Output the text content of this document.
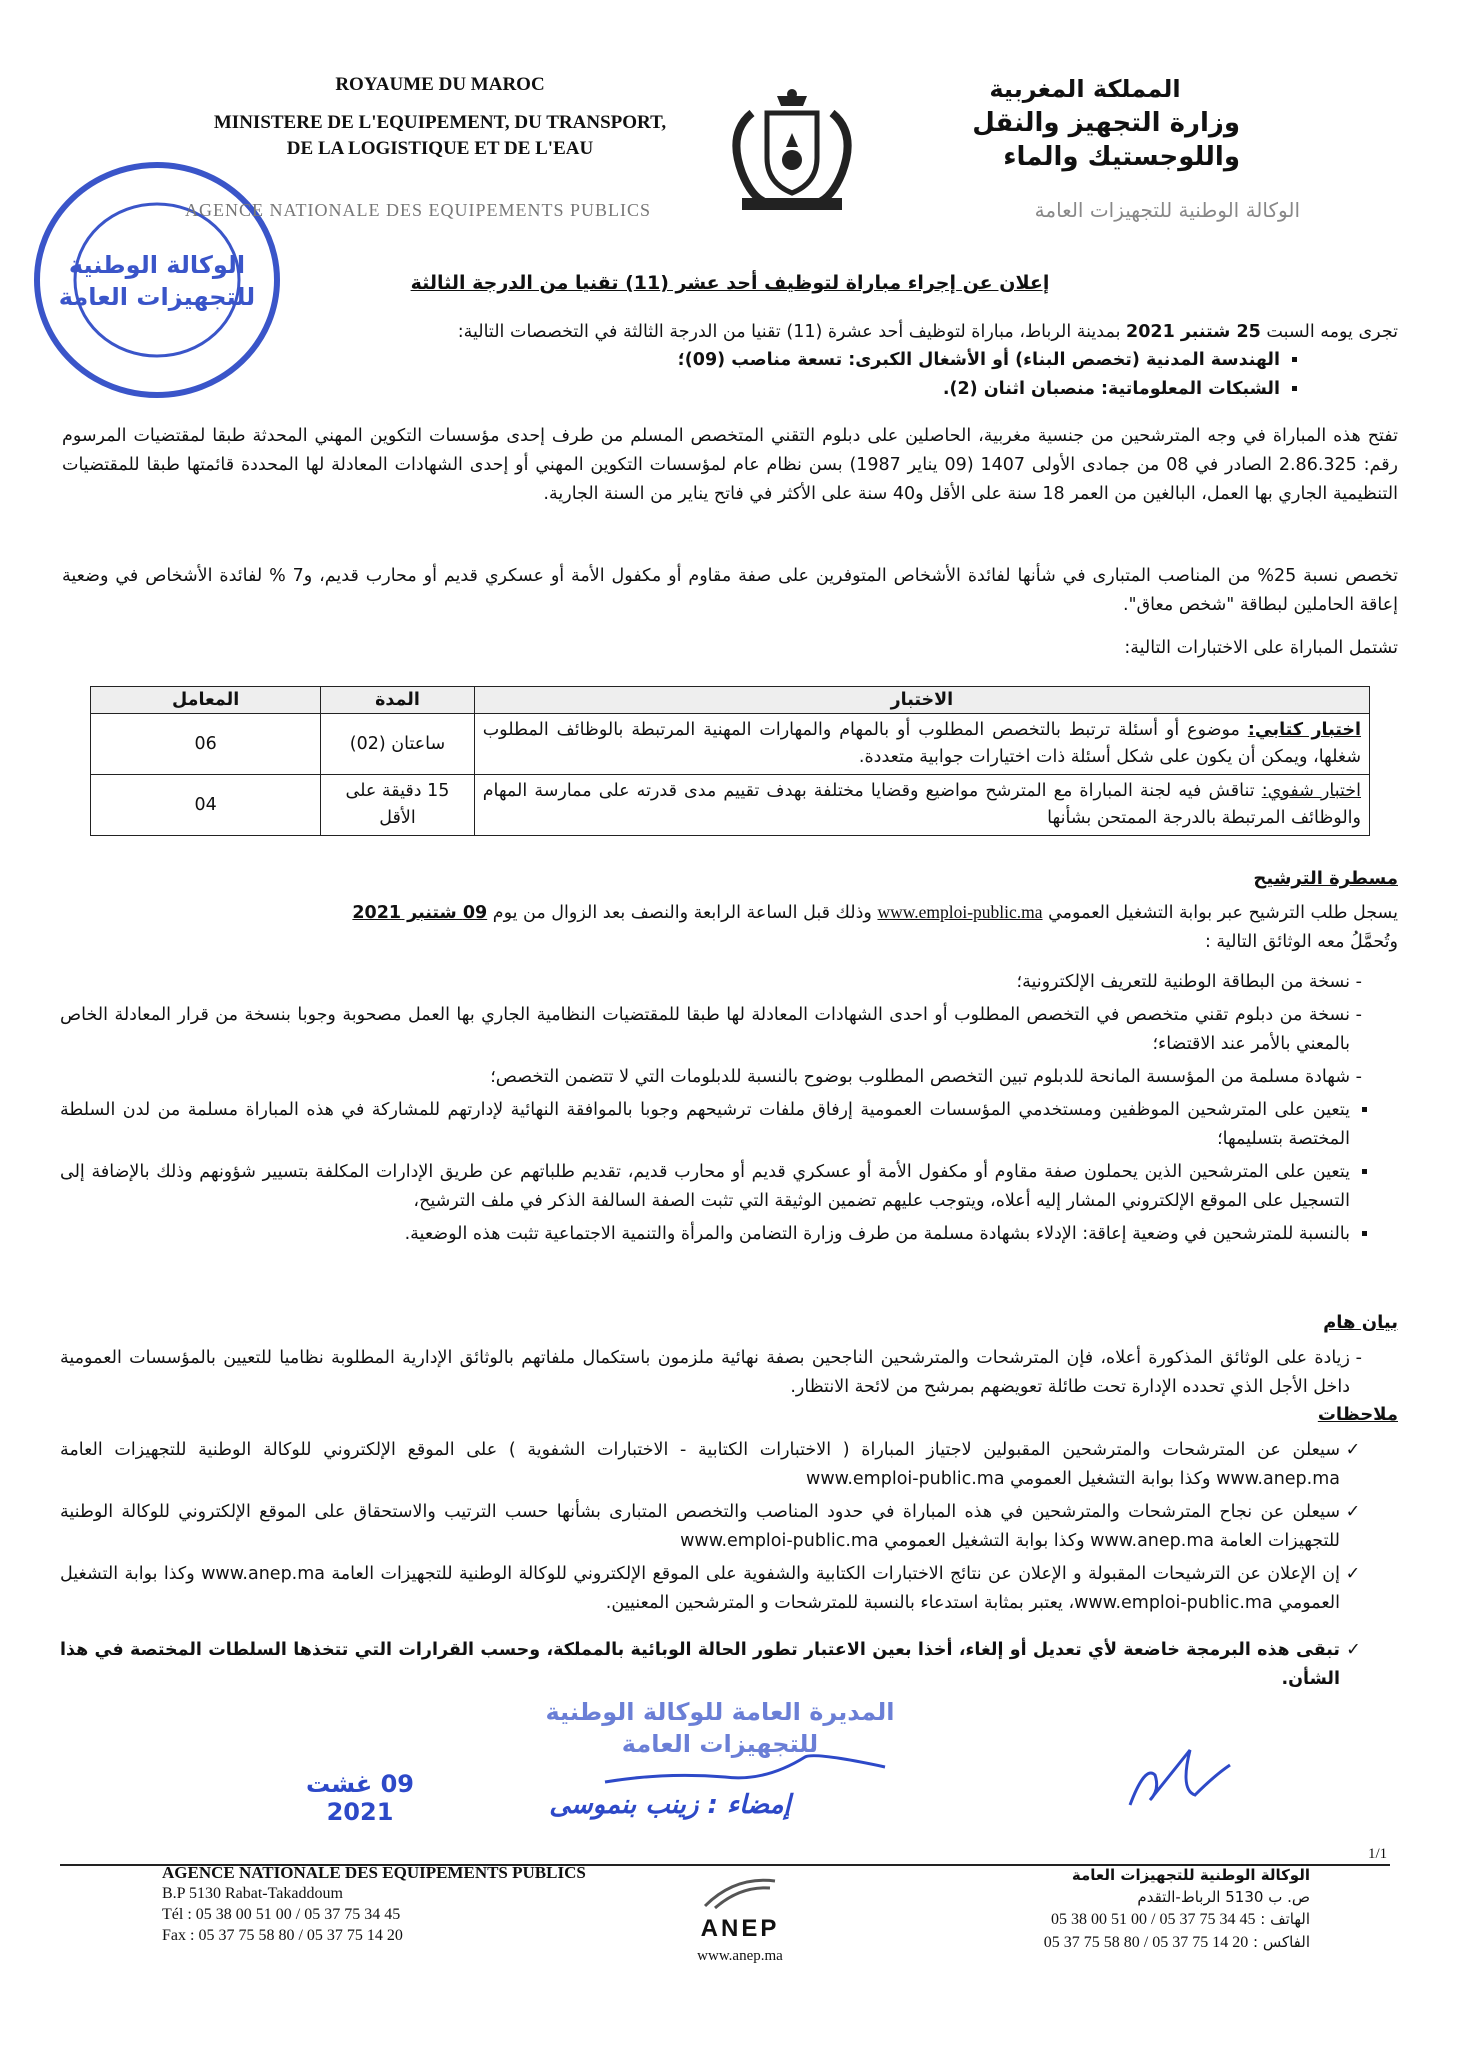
الوكالة الوطنية
للتجهيزات العامة
ROYAUME DU MAROC
MINISTERE DE L'EQUIPEMENT, DU TRANSPORT,
DE LA LOGISTIQUE ET DE L'EAU
AGENCE NATIONALE DES EQUIPEMENTS PUBLICS
المملكة المغربية
وزارة التجهيز والنقل
واللوجستيك والماء
الوكالة الوطنية للتجهيزات العامة
إعلان عن إجراء مباراة لتوظيف أحد عشر (11) تقنيا من الدرجة الثالثة
تجرى يومه السبت 25 شتنبر 2021 بمدينة الرباط، مباراة لتوظيف أحد عشرة (11) تقنيا من الدرجة الثالثة في التخصصات التالية:
▪ الهندسة المدنية (تخصص البناء) أو الأشغال الكبرى: تسعة مناصب (09)؛
▪ الشبكات المعلوماتية: منصبان اثنان (2).
تفتح هذه المباراة في وجه المترشحين من جنسية مغربية، الحاصلين على دبلوم التقني المتخصص المسلم من طرف إحدى مؤسسات التكوين المهني المحدثة طبقا لمقتضيات المرسوم رقم: 2.86.325 الصادر في 08 من جمادى الأولى 1407 (09 يناير 1987) بسن نظام عام لمؤسسات التكوين المهني أو إحدى الشهادات المعادلة لها المحددة قائمتها طبقا للمقتضيات التنظيمية الجاري بها العمل، البالغين من العمر 18 سنة على الأقل و40 سنة على الأكثر في فاتح يناير من السنة الجارية.
تخصص نسبة 25% من المناصب المتبارى في شأنها لفائدة الأشخاص المتوفرين على صفة مقاوم أو مكفول الأمة أو عسكري قديم أو محارب قديم، و7 % لفائدة الأشخاص في وضعية إعاقة الحاملين لبطاقة "شخص معاق".
تشتمل المباراة على الاختبارات التالية:
الاختبار	المدة	المعامل
اختبار كتابي: موضوع أو أسئلة ترتبط بالتخصص المطلوب أو بالمهام والمهارات المهنية المرتبطة بالوظائف المطلوب شغلها، ويمكن أن يكون على شكل أسئلة ذات اختيارات جوابية متعددة.	ساعتان (02)	06
اختبار شفوي: تناقش فيه لجنة المباراة مع المترشح مواضيع وقضايا مختلفة بهدف تقييم مدى قدرته على ممارسة المهام والوظائف المرتبطة بالدرجة الممتحن بشأنها	15 دقيقة على الأقل	04
مسطرة الترشيح
يسجل طلب الترشيح عبر بوابة التشغيل العمومي www.emploi-public.ma وذلك قبل الساعة الرابعة والنصف بعد الزوال من يوم 09 شتنبر 2021
وتُحمَّلُ معه الوثائق التالية :
- نسخة من البطاقة الوطنية للتعريف الإلكترونية؛
- نسخة من دبلوم تقني متخصص في التخصص المطلوب أو احدى الشهادات المعادلة لها طبقا للمقتضيات النظامية الجاري بها العمل مصحوبة وجوبا بنسخة من قرار المعادلة الخاص بالمعني بالأمر عند الاقتضاء؛
- شهادة مسلمة من المؤسسة المانحة للدبلوم تبين التخصص المطلوب بوضوح بالنسبة للدبلومات التي لا تتضمن التخصص؛
▪ يتعين على المترشحين الموظفين ومستخدمي المؤسسات العمومية إرفاق ملفات ترشيحهم وجوبا بالموافقة النهائية لإدارتهم للمشاركة في هذه المباراة مسلمة من لدن السلطة المختصة بتسليمها؛
▪ يتعين على المترشحين الذين يحملون صفة مقاوم أو مكفول الأمة أو عسكري قديم أو محارب قديم، تقديم طلباتهم عن طريق الإدارات المكلفة بتسيير شؤونهم وذلك بالإضافة إلى التسجيل على الموقع الإلكتروني المشار إليه أعلاه، ويتوجب عليهم تضمين الوثيقة التي تثبت الصفة السالفة الذكر في ملف الترشيح،
▪ بالنسبة للمترشحين في وضعية إعاقة: الإدلاء بشهادة مسلمة من طرف وزارة التضامن والمرأة والتنمية الاجتماعية تثبت هذه الوضعية.
بيان هام
- زيادة على الوثائق المذكورة أعلاه، فإن المترشحات والمترشحين الناجحين بصفة نهائية ملزمون باستكمال ملفاتهم بالوثائق الإدارية المطلوبة نظاميا للتعيين بالمؤسسات العمومية داخل الأجل الذي تحدده الإدارة تحت طائلة تعويضهم بمرشح من لائحة الانتظار.
ملاحظات
✓ سيعلن عن المترشحات والمترشحين المقبولين لاجتياز المباراة ( الاختبارات الكتابية - الاختبارات الشفوية ) على الموقع الإلكتروني للوكالة الوطنية للتجهيزات العامة www.anep.ma وكذا بوابة التشغيل العمومي www.emploi-public.ma
✓ سيعلن عن نجاح المترشحات والمترشحين في هذه المباراة في حدود المناصب والتخصص المتبارى بشأنها حسب الترتيب والاستحقاق على الموقع الإلكتروني للوكالة الوطنية للتجهيزات العامة www.anep.ma وكذا بوابة التشغيل العمومي www.emploi-public.ma
✓ إن الإعلان عن الترشيحات المقبولة و الإعلان عن نتائج الاختبارات الكتابية والشفوية على الموقع الإلكتروني للوكالة الوطنية للتجهيزات العامة www.anep.ma وكذا بوابة التشغيل العمومي www.emploi-public.ma، يعتبر بمثابة استدعاء بالنسبة للمترشحات و المترشحين المعنيين.
✓ تبقى هذه البرمجة خاضعة لأي تعديل أو إلغاء، أخذا بعين الاعتبار تطور الحالة الوبائية بالمملكة، وحسب القرارات التي تتخذها السلطات المختصة في هذا الشأن.
المديرة العامة للوكالة الوطنية
للتجهيزات العامة
09 غشت 2021	إمضاء : زينب بنموسى
1/1
AGENCE NATIONALE DES EQUIPEMENTS PUBLICS
B.P 5130 Rabat-Takaddoum
Tél : 05 38 00 51 00 / 05 37 75 34 45
Fax : 05 37 75 58 80 / 05 37 75 14 20	ANEP
www.anep.ma
الوكالة الوطنية للتجهيزات العامة
ص. ب 5130 الرباط-التقدم
الهاتف : 05 38 00 51 00 / 05 37 75 34 45
الفاكس : 05 37 75 58 80 / 05 37 75 14 20
